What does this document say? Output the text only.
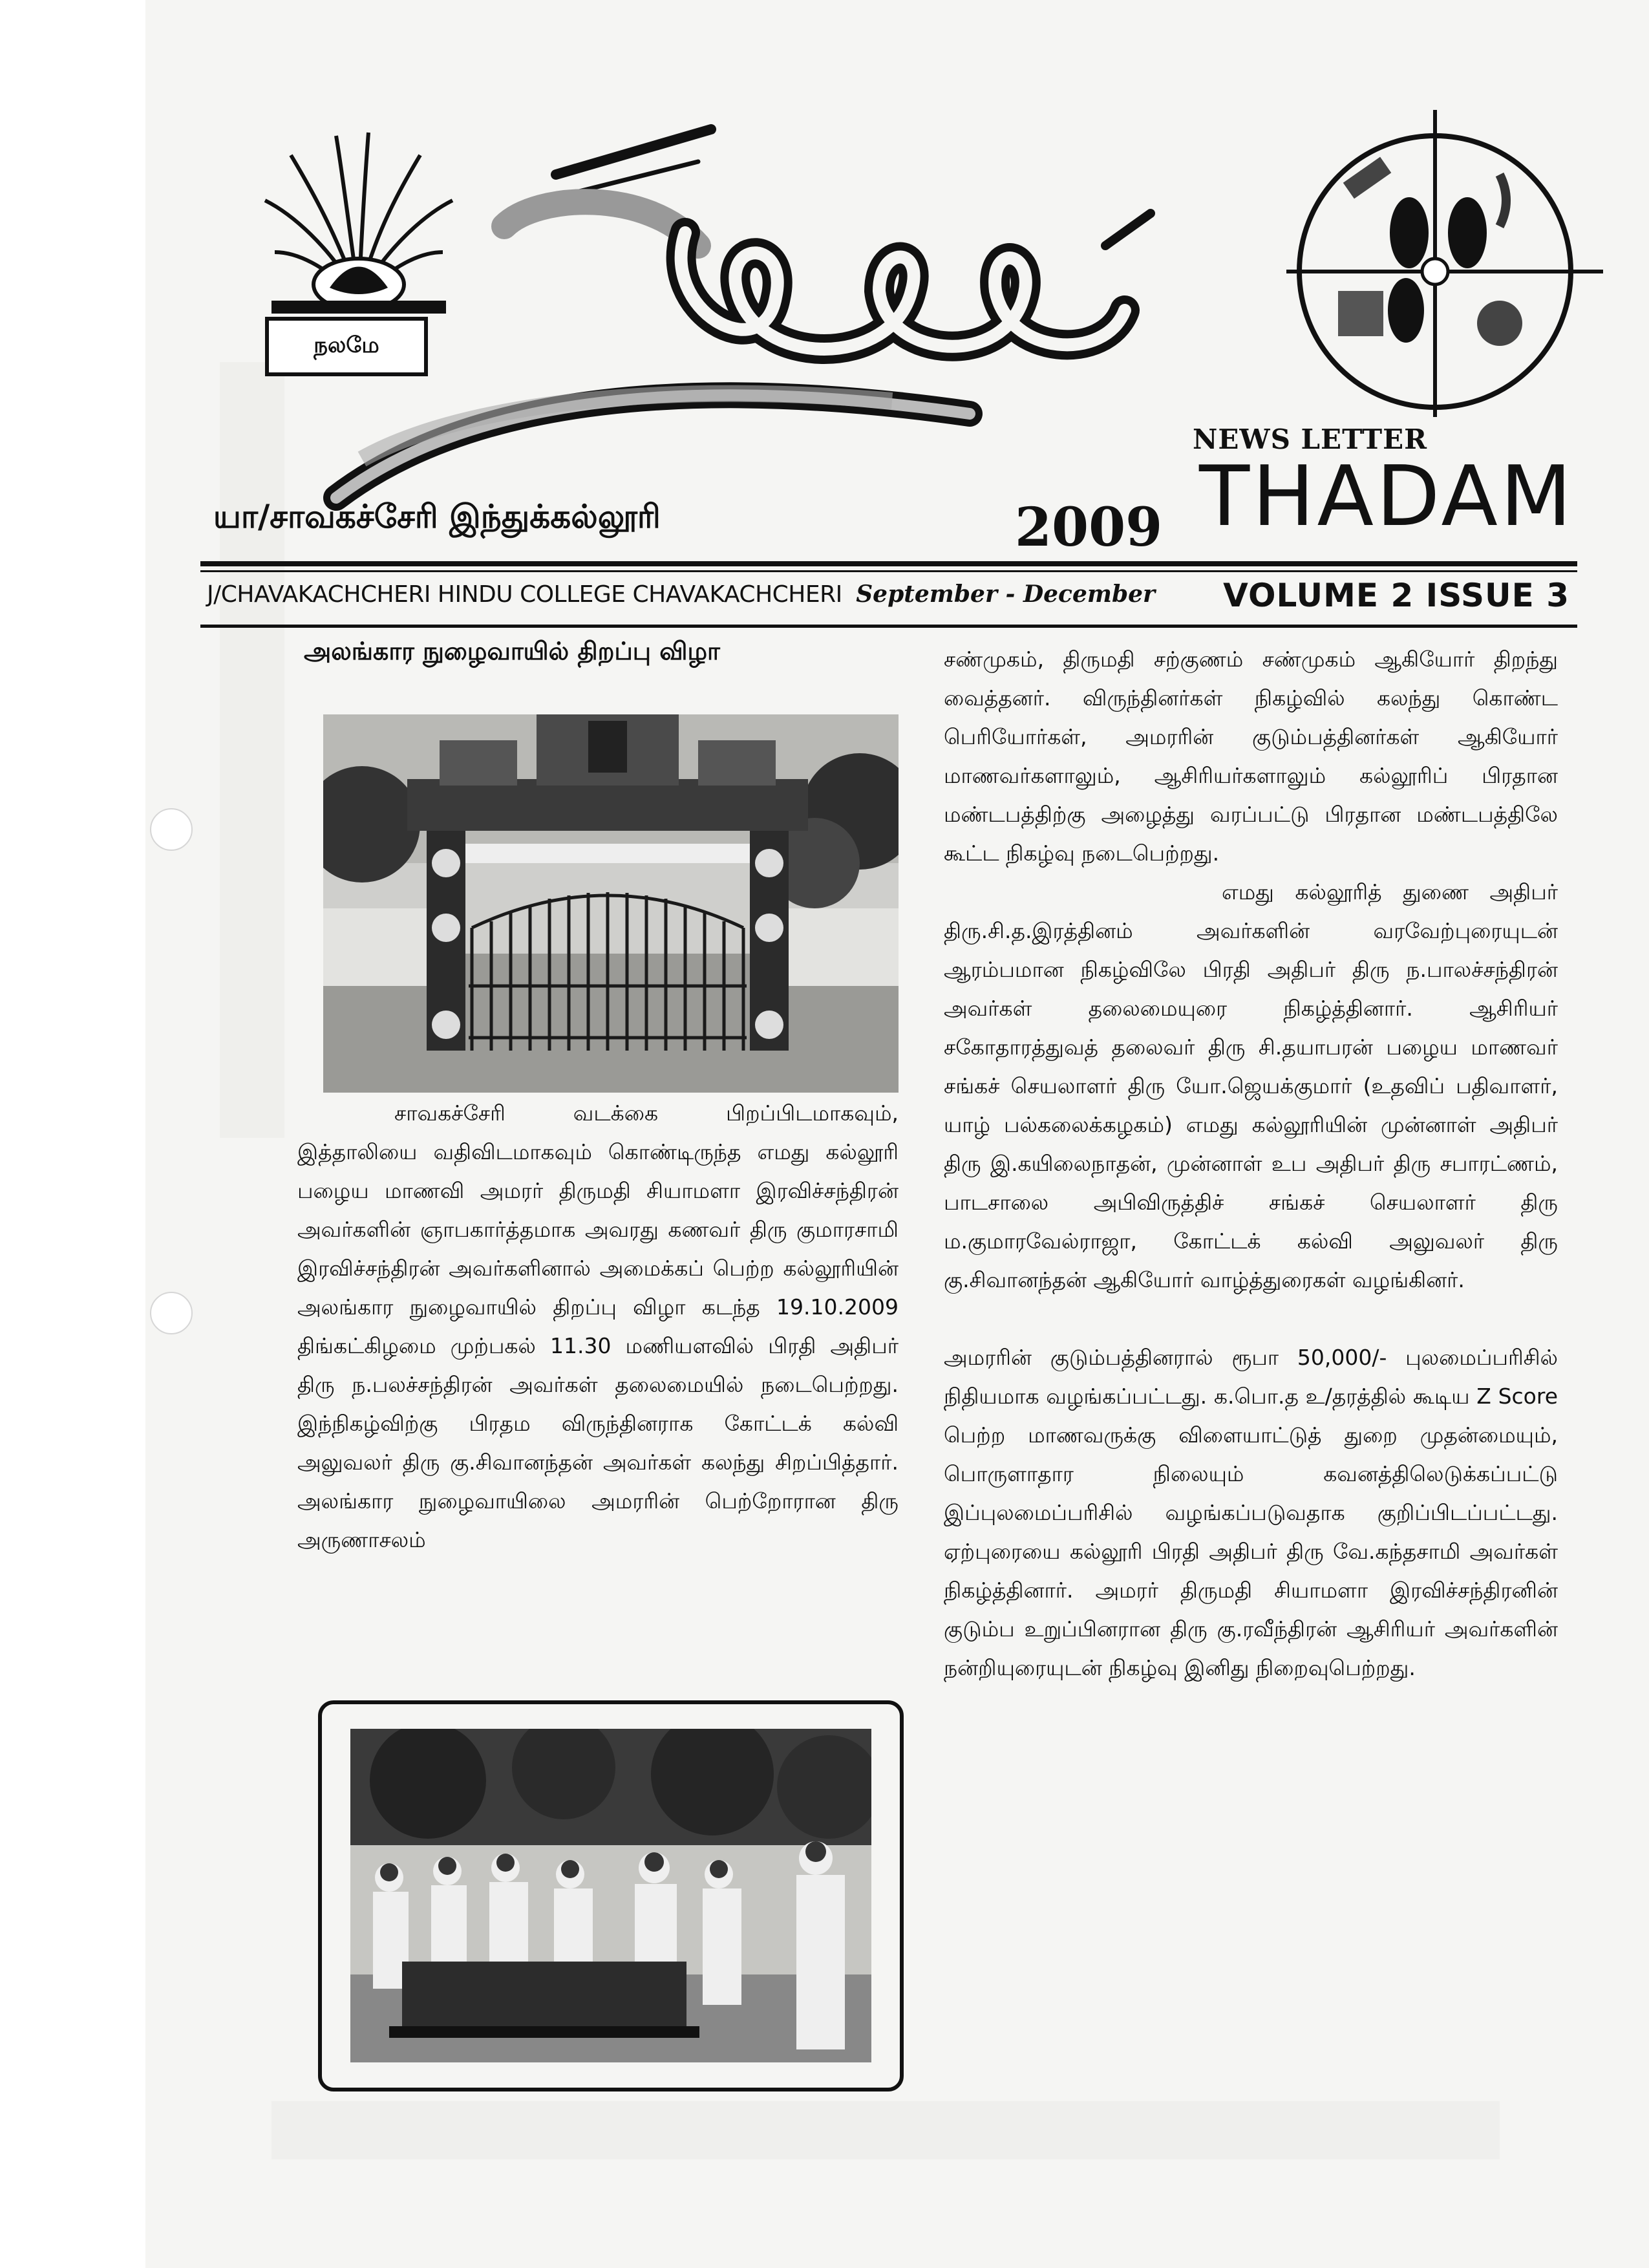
நலமே
NEWS LETTER
THADAM
யா/சாவகச்சேரி இந்துக்கல்லூரி	2009
J/CHAVAKACHCHERI HINDU COLLEGE CHAVAKACHCHERI September - December VOLUME 2 ISSUE 3
அலங்கார நுழைவாயில் திறப்பு விழா

சாவகச்சேரி வடக்கை பிறப்பிடமாகவும், இத்தாலியை வதிவிடமாகவும் கொண்டிருந்த எமது கல்லூரி பழைய மாணவி அமரர் திருமதி சியாமளா இரவிச்சந்திரன் அவர்களின் ஞாபகார்த்தமாக அவரது கணவர் திரு குமாரசாமி இரவிச்சந்திரன் அவர்களினால் அமைக்கப் பெற்ற கல்லூரியின் அலங்கார நுழைவாயில் திறப்பு விழா கடந்த 19.10.2009 திங்கட்கிழமை முற்பகல் 11.30 மணியளவில் பிரதி அதிபர் திரு ந.பலச்சந்திரன் அவர்கள் தலைமையில் நடைபெற்றது. இந்நிகழ்விற்கு பிரதம விருந்தினராக கோட்டக் கல்வி அலுவலர் திரு கு.சிவானந்தன் அவர்கள் கலந்து சிறப்பித்தார். அலங்கார நுழைவாயிலை அமரரின் பெற்றோரான திரு அருணாசலம்

சண்முகம், திருமதி சற்குணம் சண்முகம் ஆகியோர் திறந்து வைத்தனர். விருந்தினர்கள் நிகழ்வில் கலந்து கொண்ட பெரியோர்கள், அமரரின் குடும்பத்தினர்கள் ஆகியோர் மாணவர்களாலும், ஆசிரியர்களாலும் கல்லூரிப் பிரதான மண்டபத்திற்கு அழைத்து வரப்பட்டு பிரதான மண்டபத்திலே கூட்ட நிகழ்வு நடைபெற்றது.

எமது கல்லூரித் துணை அதிபர் திரு.சி.த.இரத்தினம் அவர்களின் வரவேற்புரையுடன் ஆரம்பமான நிகழ்விலே பிரதி அதிபர் திரு ந.பாலச்சந்திரன் அவர்கள் தலைமையுரை நிகழ்த்தினார். ஆசிரியர் சகோதாரத்துவத் தலைவர் திரு சி.தயாபரன் பழைய மாணவர் சங்கச் செயலாளர் திரு யோ.ஜெயக்குமார் (உதவிப் பதிவாளர், யாழ் பல்கலைக்கழகம்) எமது கல்லூரியின் முன்னாள் அதிபர் திரு இ.கயிலைநாதன், முன்னாள் உப அதிபர் திரு சபாரட்ணம், பாடசாலை அபிவிருத்திச் சங்கச் செயலாளர் திரு ம.குமாரவேல்ராஜா, கோட்டக் கல்வி அலுவலர் திரு கு.சிவானந்தன் ஆகியோர் வாழ்த்துரைகள் வழங்கினர்.

அமரரின் குடும்பத்தினரால் ரூபா 50,000/- புலமைப்பரிசில் நிதியமாக வழங்கப்பட்டது. க.பொ.த உ/தரத்தில் கூடிய Z Score பெற்ற மாணவருக்கு விளையாட்டுத் துறை முதன்மையும், பொருளாதார நிலையும் கவனத்திலெடுக்கப்பட்டு இப்புலமைப்பரிசில் வழங்கப்படுவதாக குறிப்பிடப்பட்டது. ஏற்புரையை கல்லூரி பிரதி அதிபர் திரு வே.கந்தசாமி அவர்கள் நிகழ்த்தினார். அமரர் திருமதி சியாமளா இரவிச்சந்திரனின் குடும்ப உறுப்பினரான திரு கு.ரவீந்திரன் ஆசிரியர் அவர்களின் நன்றியுரையுடன் நிகழ்வு இனிது நிறைவுபெற்றது.
